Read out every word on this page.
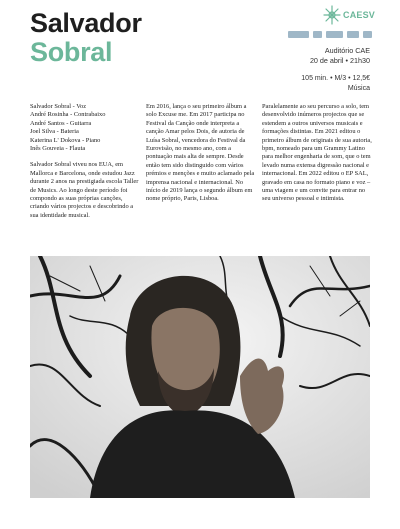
Salvador
Sobral
CAESV
Auditório CAE
20 de abril • 21h30
105 min. • M/3 • 12,5€
Música

Salvador Sobral - Voz
André Rosinha - Contrabaixo
André Santos - Guitarra
Joel Silva - Bateria
Katerina L' Dokova - Piano
Inês Gouveia - Flauta

Salvador Sobral viveu nos EUA, em Mallorca e Barcelona, onde estudou Jazz durante 2 anos na prestigiada escola Taller de Musics. Ao longo deste período foi compondo as suas próprias canções, criando vários projectos e descobrindo a sua identidade musical.

Em 2016, lança o seu primeiro álbum a solo Excuse me. Em 2017 participa no Festival da Canção onde interpreta a canção Amar pelos Dois, de autoria de Luísa Sobral, vencedora do Festival da Eurovisão, no mesmo ano, com a pontuação mais alta de sempre. Desde então tem sido distinguido com vários prémios e menções e muito aclamado pela imprensa nacional e internacional. No início de 2019 lança o segundo álbum em nome próprio, Paris, Lisboa.

Paralelamente ao seu percurso a solo, tem desenvolvido inúmeros projectos que se estendem a outros universos musicais e formações distintas. Em 2021 editou o primeiro álbum de originais de sua autoria, bpm, nomeado para um Grammy Latino para melhor engenharia de som, que o tem levado numa extensa digressão nacional e internacional. Em 2022 editou o EP SAL, gravado em casa no formato piano e voz – uma viagem e um convite para entrar no seu universo pessoal e intimista.
